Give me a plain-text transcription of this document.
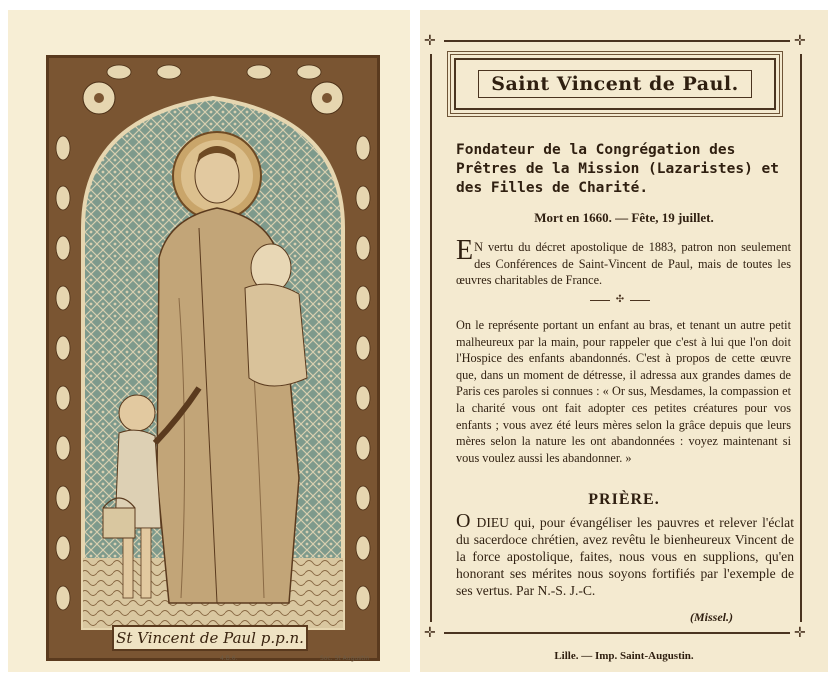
St Vincent de Paul p.p.n.
4.B.6.	Soc. St Augustin
✛	✛
✛	✛
Saint Vincent de Paul.
Fondateur de la Congrégation des Prêtres de la Mission (Lazaristes) et des Filles de Charité.
Mort en 1660. — Fête, 19 juillet.
E N vertu du décret apostolique de 1883, patron non seulement des Conférences de Saint-Vincent de Paul, mais de toutes les œuvres charitables de France.
✣
On le représente portant un enfant au bras, et tenant un autre petit malheureux par la main, pour rappeler que c'est à lui que l'on doit l'Hospice des enfants abandonnés. C'est à propos de cette œuvre que, dans un moment de détresse, il adressa aux grandes dames de Paris ces paroles si connues : « Or sus, Mesdames, la compassion et la charité vous ont fait adopter ces petites créatures pour vos enfants ; vous avez été leurs mères selon la grâce depuis que leurs mères selon la nature les ont abandonnées : voyez maintenant si vous voulez aussi les abandonner. »
PRIÈRE.
O DIEU qui, pour évangéliser les pauvres et relever l'éclat du sacerdoce chrétien, avez revêtu le bienheureux Vincent de la force apostolique, faites, nous vous en supplions, qu'en honorant ses mérites nous soyons fortifiés par l'exemple de ses vertus. Par N.-S. J.-C.
(Missel.)
Lille. — Imp. Saint-Augustin.
